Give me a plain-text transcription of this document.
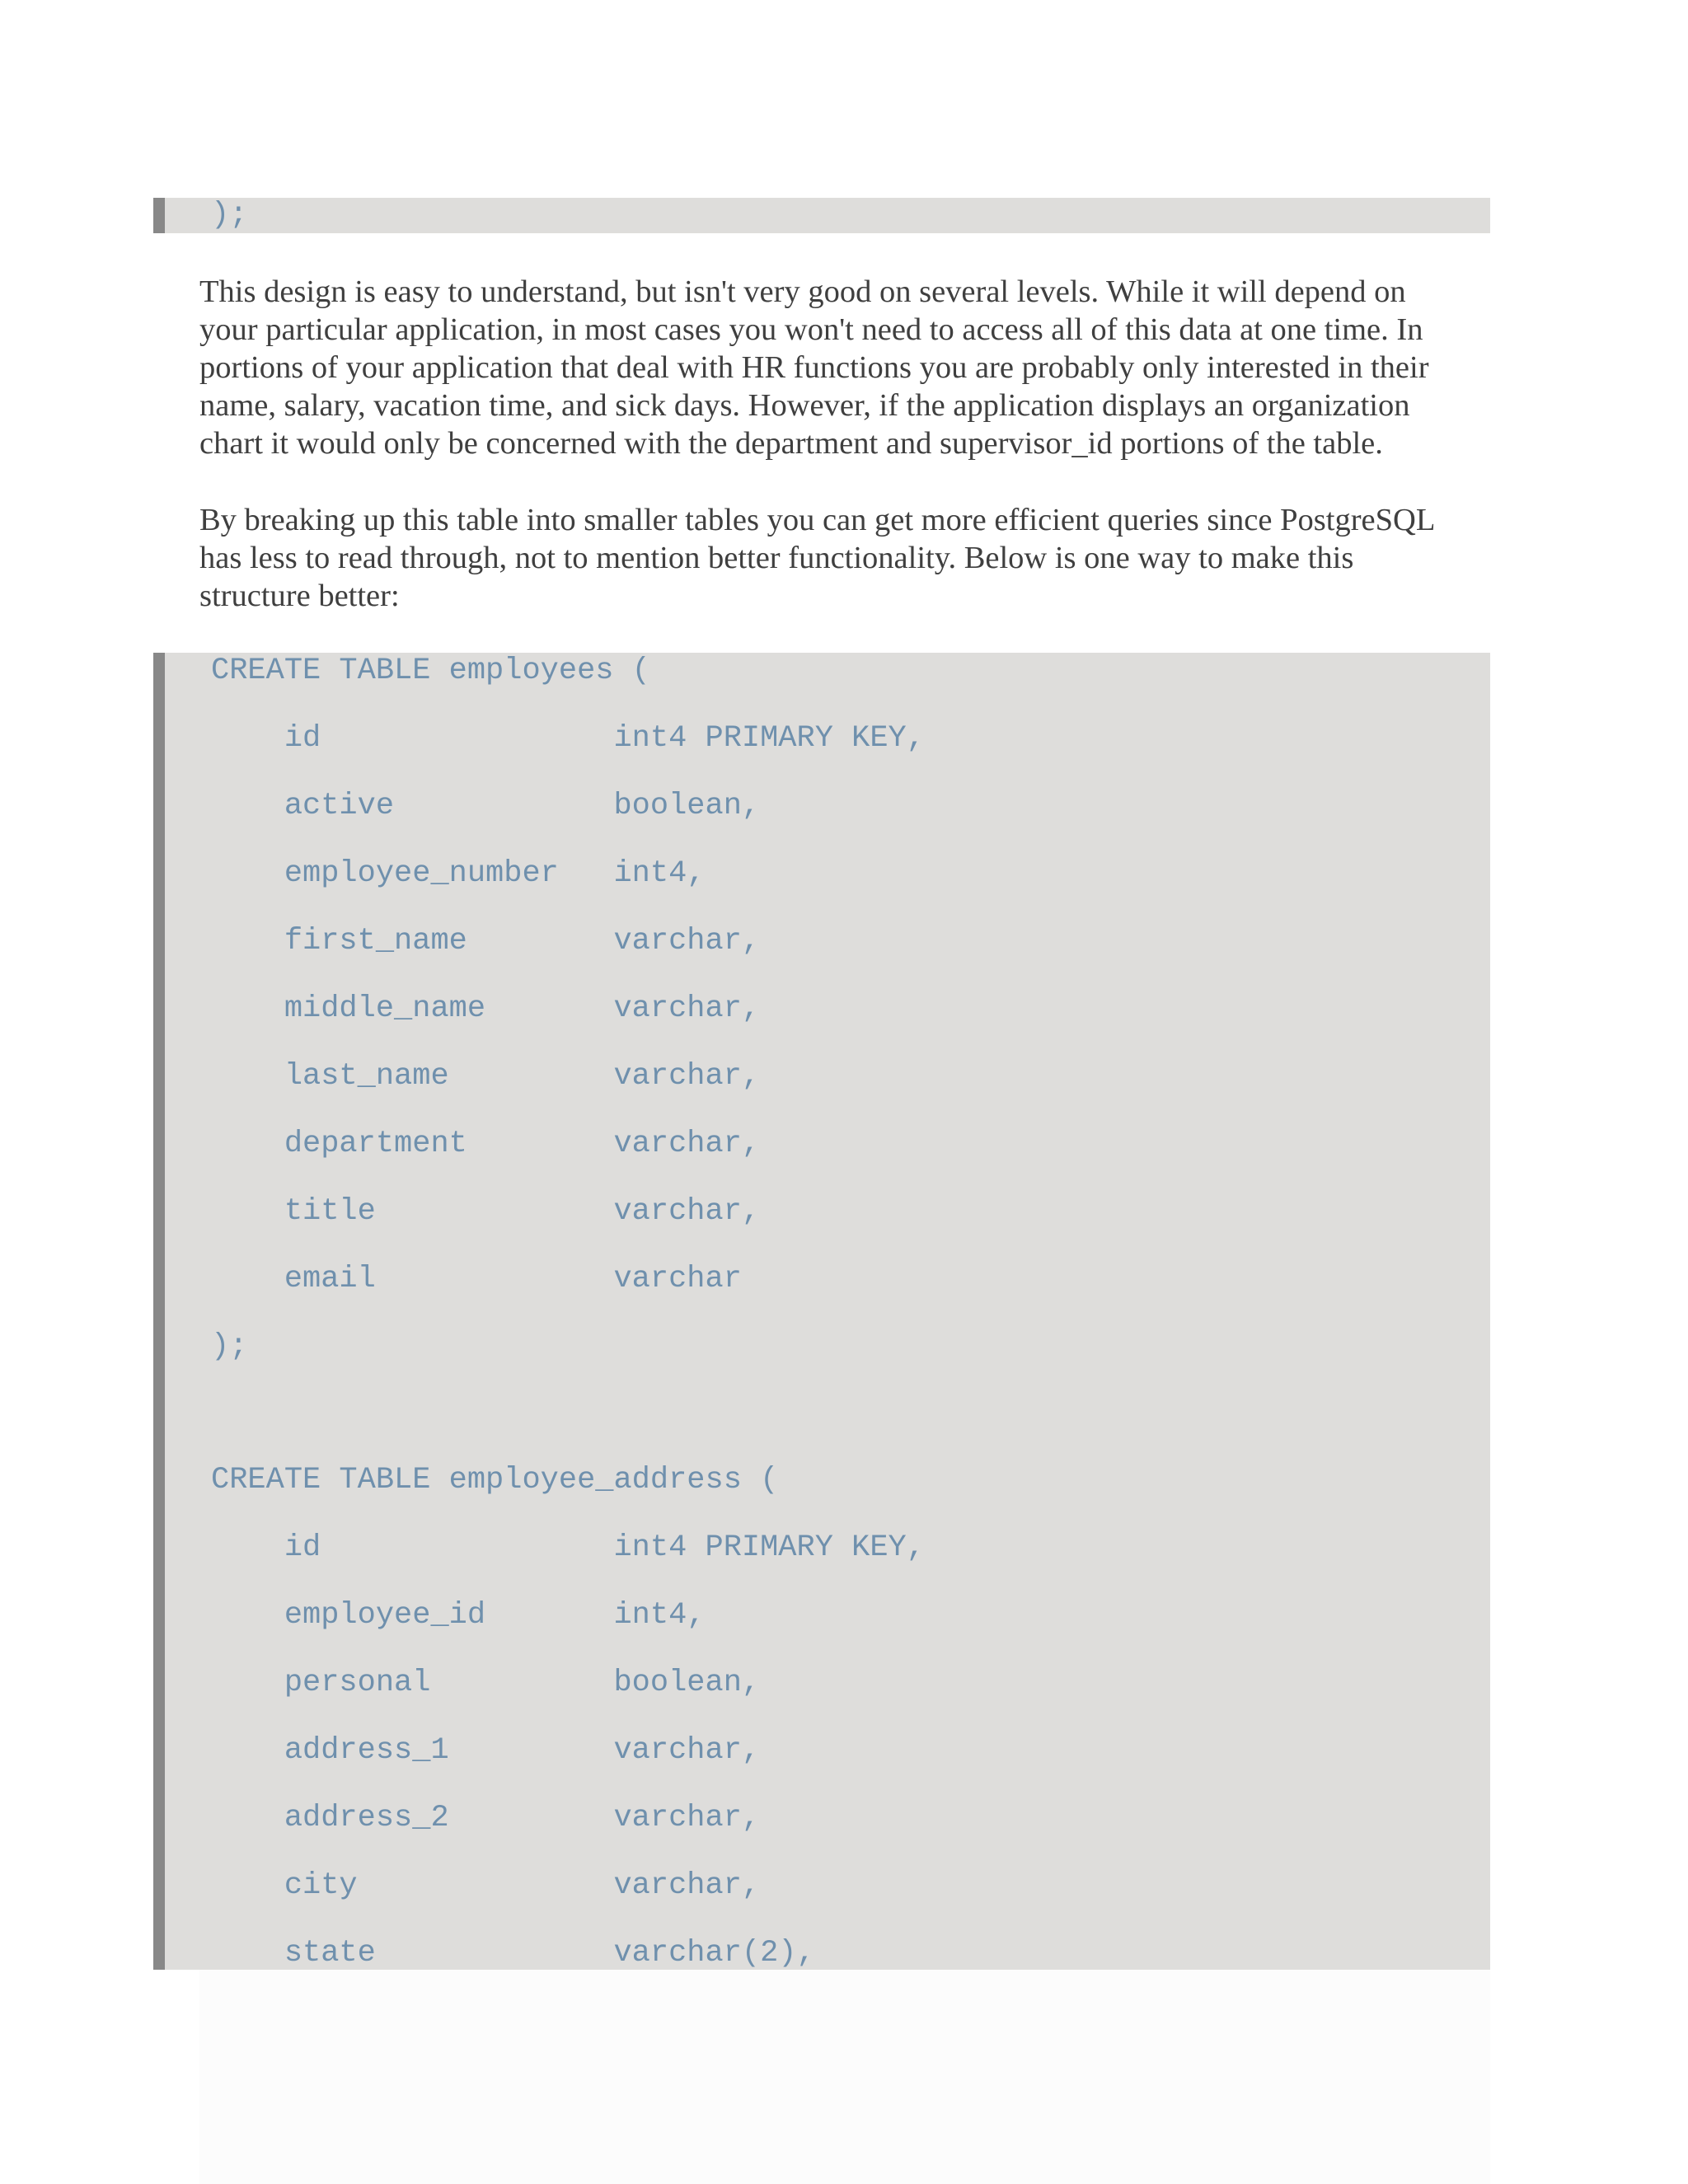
);
This design is easy to understand, but isn't very good on several levels. While it will depend on
your particular application, in most cases you won't need to access all of this data at one time. In
portions of your application that deal with HR functions you are probably only interested in their
name, salary, vacation time, and sick days. However, if the application displays an organization
chart it would only be concerned with the department and supervisor_id portions of the table.
By breaking up this table into smaller tables you can get more efficient queries since PostgreSQL
has less to read through, not to mention better functionality. Below is one way to make this
structure better:
CREATE TABLE employees (
id                int4 PRIMARY KEY,
active            boolean,
employee_number   int4,
first_name        varchar,
middle_name       varchar,
last_name         varchar,
department        varchar,
title             varchar,
email             varchar
);
CREATE TABLE employee_address (
id                int4 PRIMARY KEY,
employee_id       int4,
personal          boolean,
address_1         varchar,
address_2         varchar,
city              varchar,
state             varchar(2),
